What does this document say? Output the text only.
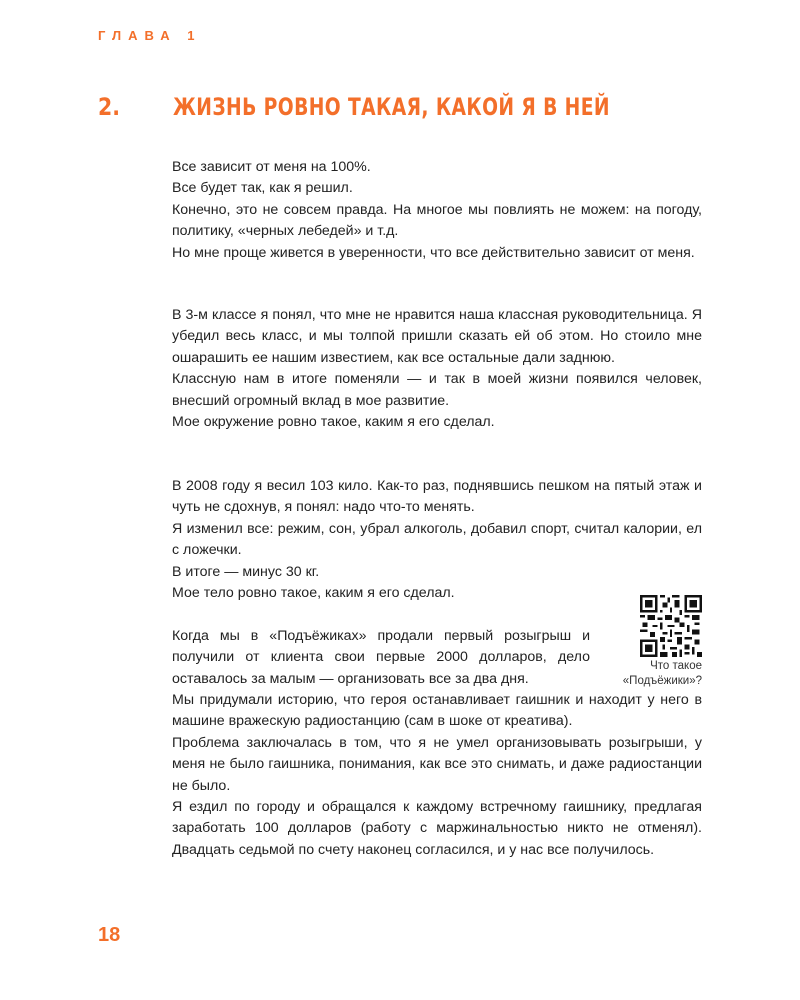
ГЛАВА 1
2. ЖИЗНЬ РОВНО ТАКАЯ, КАКОЙ Я В НЕЙ
Все зависит от меня на 100%.
Все будет так, как я решил.
Конечно, это не совсем правда. На многое мы повлиять не можем: на погоду, политику, «черных лебедей» и т.д.
Но мне проще живется в уверенности, что все действительно зависит от меня.
В 3-м классе я понял, что мне не нравится наша классная руководительница. Я убедил весь класс, и мы толпой пришли сказать ей об этом. Но стоило мне ошарашить ее нашим известием, как все остальные дали заднюю.
Классную нам в итоге поменяли — и так в моей жизни появился человек, внесший огромный вклад в мое развитие.
Мое окружение ровно такое, каким я его сделал.
В 2008 году я весил 103 кило. Как-то раз, поднявшись пешком на пятый этаж и чуть не сдохнув, я понял: надо что-то менять.
Я изменил все: режим, сон, убрал алкоголь, добавил спорт, считал калории, ел с ложечки.
В итоге — минус 30 кг.
Мое тело ровно такое, каким я его сделал.
Когда мы в «Подъёжиках» продали первый розыгрыш и получили от клиента свои первые 2000 долларов, дело оставалось за малым — организовать все за два дня.
Мы придумали историю, что героя останавливает гаишник и находит у него в машине вражескую радиостанцию (сам в шоке от креатива).
Проблема заключалась в том, что я не умел организовывать розыгрыши, у меня не было гаишника, понимания, как все это снимать, и даже радиостанции не было.
Я ездил по городу и обращался к каждому встречному гаишнику, предлагая заработать 100 долларов (работу с маржинальностью никто не отменял). Двадцать седьмой по счету наконец согласился, и у нас все получилось.
Что такое «Подъёжики»?
18
